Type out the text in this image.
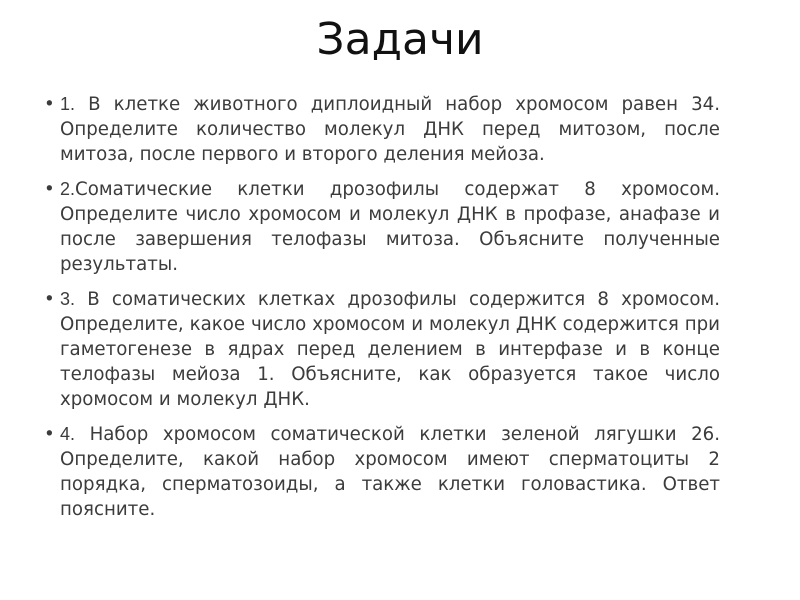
Задачи
• 1. В клетке животного диплоидный набор хромосом равен 34. Определите количество молекул ДНК перед митозом, после митоза, после первого и второго деления мейоза.
• 2.Соматические клетки дрозофилы содержат 8 хромосом. Определите число хромосом и молекул ДНК в профазе, анафазе и после завершения телофазы митоза. Объясните полученные результаты.
• 3. В соматических клетках дрозофилы содержится 8 хромосом. Определите, какое число хромосом и молекул ДНК содержится при гаметогенезе в ядрах перед делением в интерфазе и в конце телофазы мейоза 1. Объясните, как образуется такое число хромосом и молекул ДНК.
• 4. Набор хромосом соматической клетки зеленой лягушки 26. Определите, какой набор хромосом имеют сперматоциты 2 порядка, сперматозоиды, а также клетки головастика. Ответ поясните.
